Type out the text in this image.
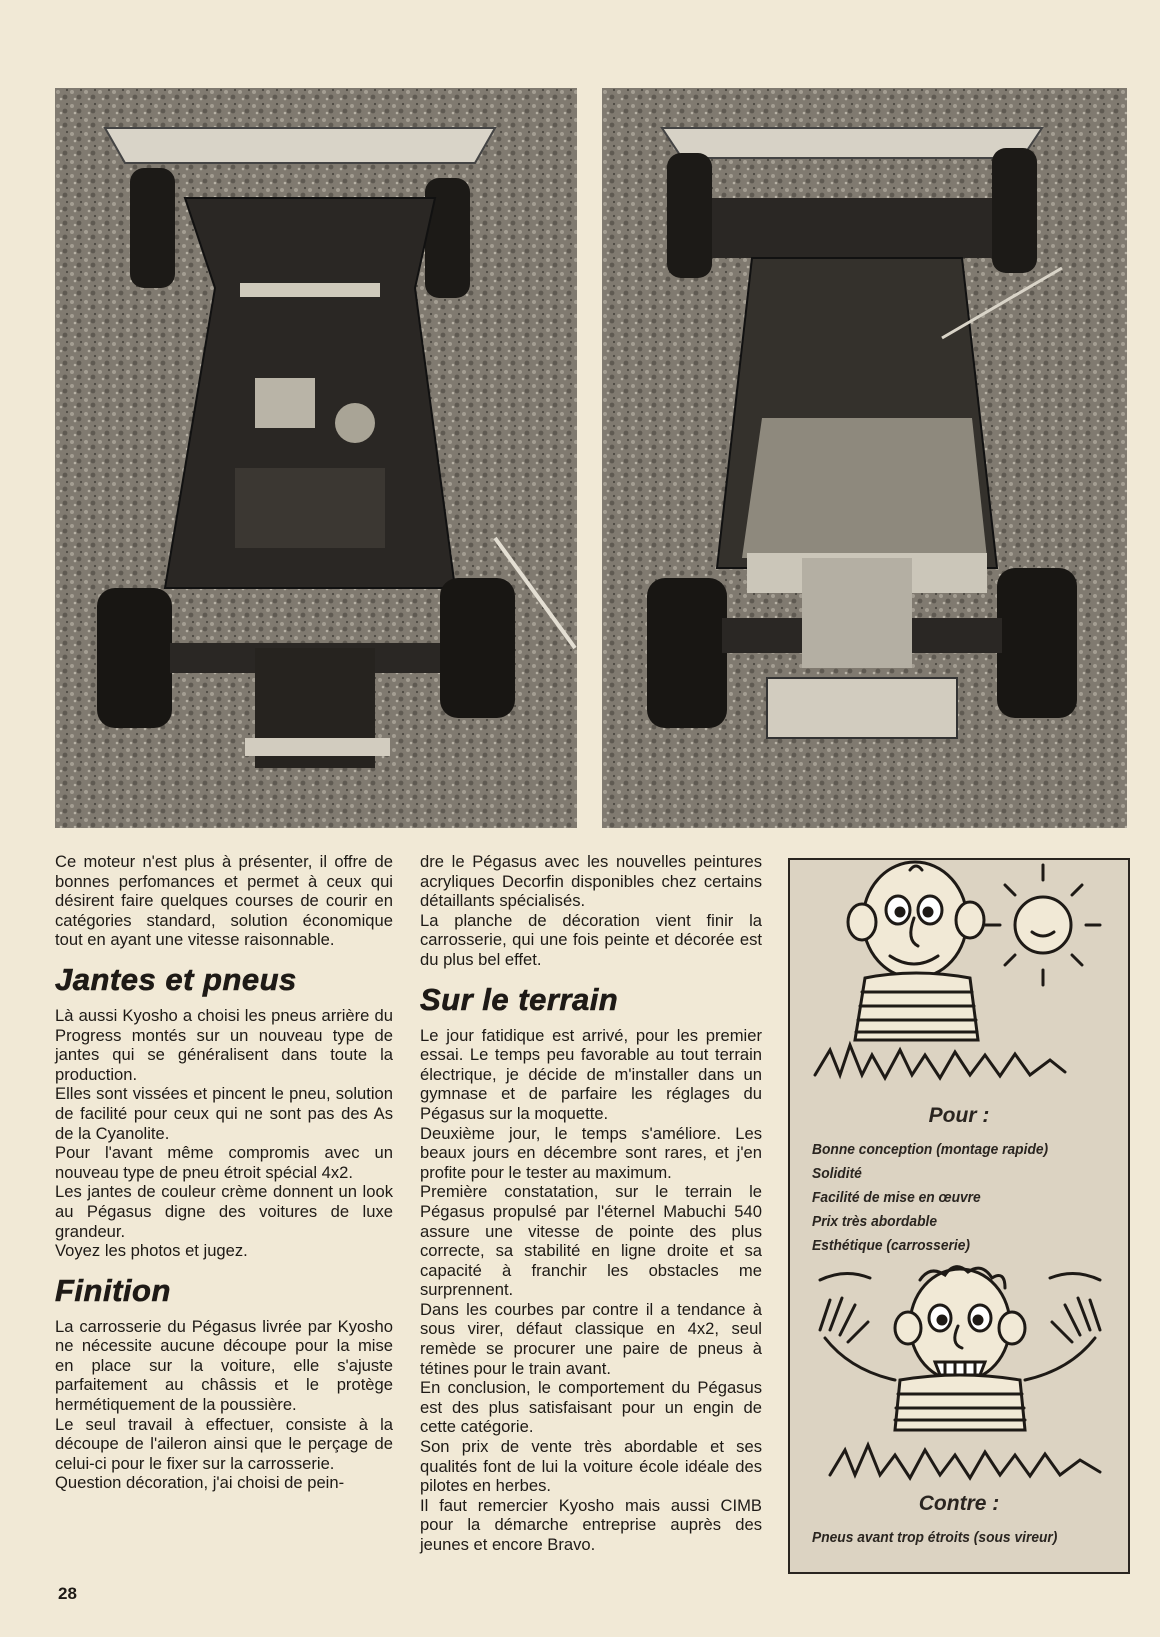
Ce moteur n'est plus à présenter, il offre de bonnes perfomances et permet à ceux qui désirent faire quelques courses de courir en catégories standard, solution économique tout en ayant une vitesse raisonnable.

Jantes et pneus

Là aussi Kyosho a choisi les pneus arrière du Progress montés sur un nouveau type de jantes qui se généralisent dans toute la production.

Elles sont vissées et pincent le pneu, solution de facilité pour ceux qui ne sont pas des As de la Cyanolite.

Pour l'avant même compromis avec un nouveau type de pneu étroit spécial 4x2.

Les jantes de couleur crème donnent un look au Pégasus digne des voitures de luxe grandeur.

Voyez les photos et jugez.

Finition

La carrosserie du Pégasus livrée par Kyosho ne nécessite aucune découpe pour la mise en place sur la voiture, elle s'ajuste parfaitement au châssis et le protège hermétiquement de la poussière.

Le seul travail à effectuer, consiste à la découpe de l'aileron ainsi que le perçage de celui-ci pour le fixer sur la carrosserie.

Question décoration, j'ai choisi de pein-

dre le Pégasus avec les nouvelles peintures acryliques Decorfin disponibles chez certains détaillants spécialisés.

La planche de décoration vient finir la carrosserie, qui une fois peinte et décorée est du plus bel effet.

Sur le terrain

Le jour fatidique est arrivé, pour les premier essai. Le temps peu favorable au tout terrain électrique, je décide de m'installer dans un gymnase et de parfaire les réglages du Pégasus sur la moquette.

Deuxième jour, le temps s'améliore. Les beaux jours en décembre sont rares, et j'en profite pour le tester au maximum.

Première constatation, sur le terrain le Pégasus propulsé par l'éternel Mabuchi 540 assure une vitesse de pointe des plus correcte, sa stabilité en ligne droite et sa capacité à franchir les obstacles me surprennent.

Dans les courbes par contre il a tendance à sous virer, défaut classique en 4x2, seul remède se procurer une paire de pneus à tétines pour le train avant.

En conclusion, le comportement du Pégasus est des plus satisfaisant pour un engin de cette catégorie.

Son prix de vente très abordable et ses qualités font de lui la voiture école idéale des pilotes en herbes.

Il faut remercier Kyosho mais aussi CIMB pour la démarche entreprise auprès des jeunes et encore Bravo.

Pour :
Bonne conception (montage rapide)
Solidité
Facilité de mise en œuvre
Prix très abordable
Esthétique (carrosserie)
Contre :
Pneus avant trop étroits (sous vireur)
28
